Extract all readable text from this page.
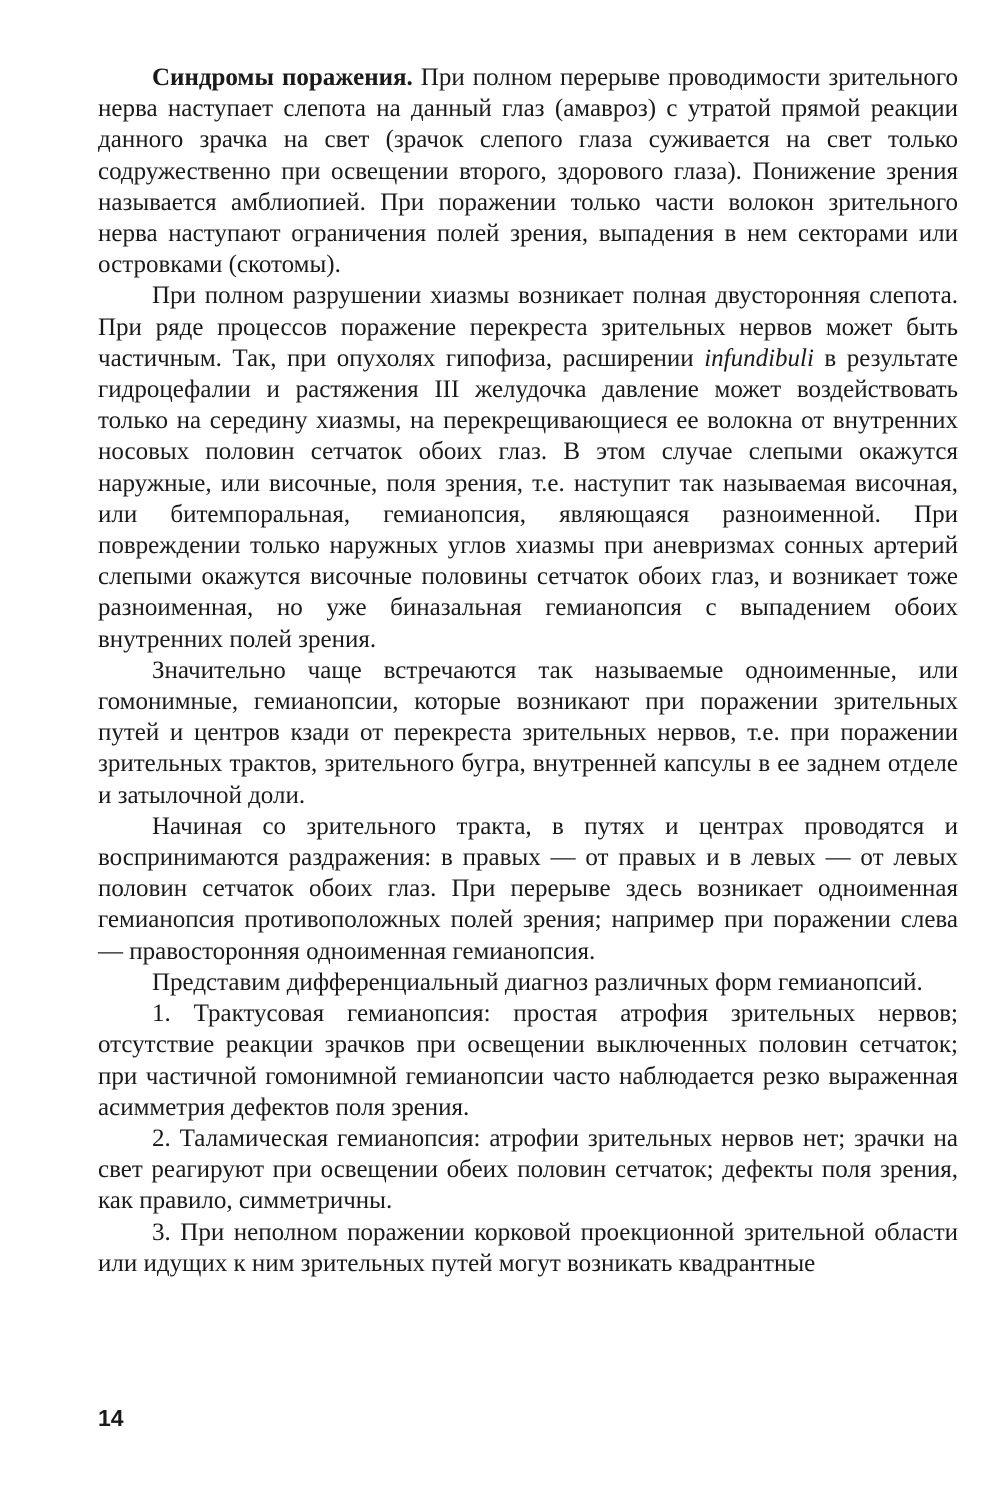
Синдромы поражения. При полном перерыве проводимости зрительного нерва наступает слепота на данный глаз (амавроз) с утратой прямой реакции данного зрачка на свет (зрачок слепого глаза суживается на свет только содружественно при освещении второго, здорового глаза). Понижение зрения называется амблиопией. При поражении только части волокон зрительного нерва наступают ограничения полей зрения, выпадения в нем секторами или островками (скотомы).

При полном разрушении хиазмы возникает полная двусторонняя слепота. При ряде процессов поражение перекреста зрительных нервов может быть частичным. Так, при опухолях гипофиза, расширении infundibuli в результате гидроцефалии и растяжения III желудочка давление может воздействовать только на середину хиазмы, на перекрещивающиеся ее волокна от внутренних носовых половин сетчаток обоих глаз. В этом случае слепыми окажутся наружные, или височные, поля зрения, т.е. наступит так называемая височная, или битемпоральная, гемианопсия, являющаяся разноименной. При повреждении только наружных углов хиазмы при аневризмах сонных артерий слепыми окажутся височные половины сетчаток обоих глаз, и возникает тоже разноименная, но уже биназальная гемианопсия с выпадением обоих внутренних полей зрения.

Значительно чаще встречаются так называемые одноименные, или гомонимные, гемианопсии, которые возникают при поражении зрительных путей и центров кзади от перекреста зрительных нервов, т.е. при поражении зрительных трактов, зрительного бугра, внутренней капсулы в ее заднем отделе и затылочной доли.

Начиная со зрительного тракта, в путях и центрах проводятся и воспринимаются раздражения: в правых — от правых и в левых — от левых половин сетчаток обоих глаз. При перерыве здесь возникает одноименная гемианопсия противоположных полей зрения; например при поражении слева — правосторонняя одноименная гемианопсия.

Представим дифференциальный диагноз различных форм гемианопсий.

1. Трактусовая гемианопсия: простая атрофия зрительных нервов; отсутствие реакции зрачков при освещении выключенных половин сетчаток; при частичной гомонимной гемианопсии часто наблюдается резко выраженная асимметрия дефектов поля зрения.

2. Таламическая гемианопсия: атрофии зрительных нервов нет; зрачки на свет реагируют при освещении обеих половин сетчаток; дефекты поля зрения, как правило, симметричны.

3. При неполном поражении корковой проекционной зрительной области или идущих к ним зрительных путей могут возникать квадрантные

14
